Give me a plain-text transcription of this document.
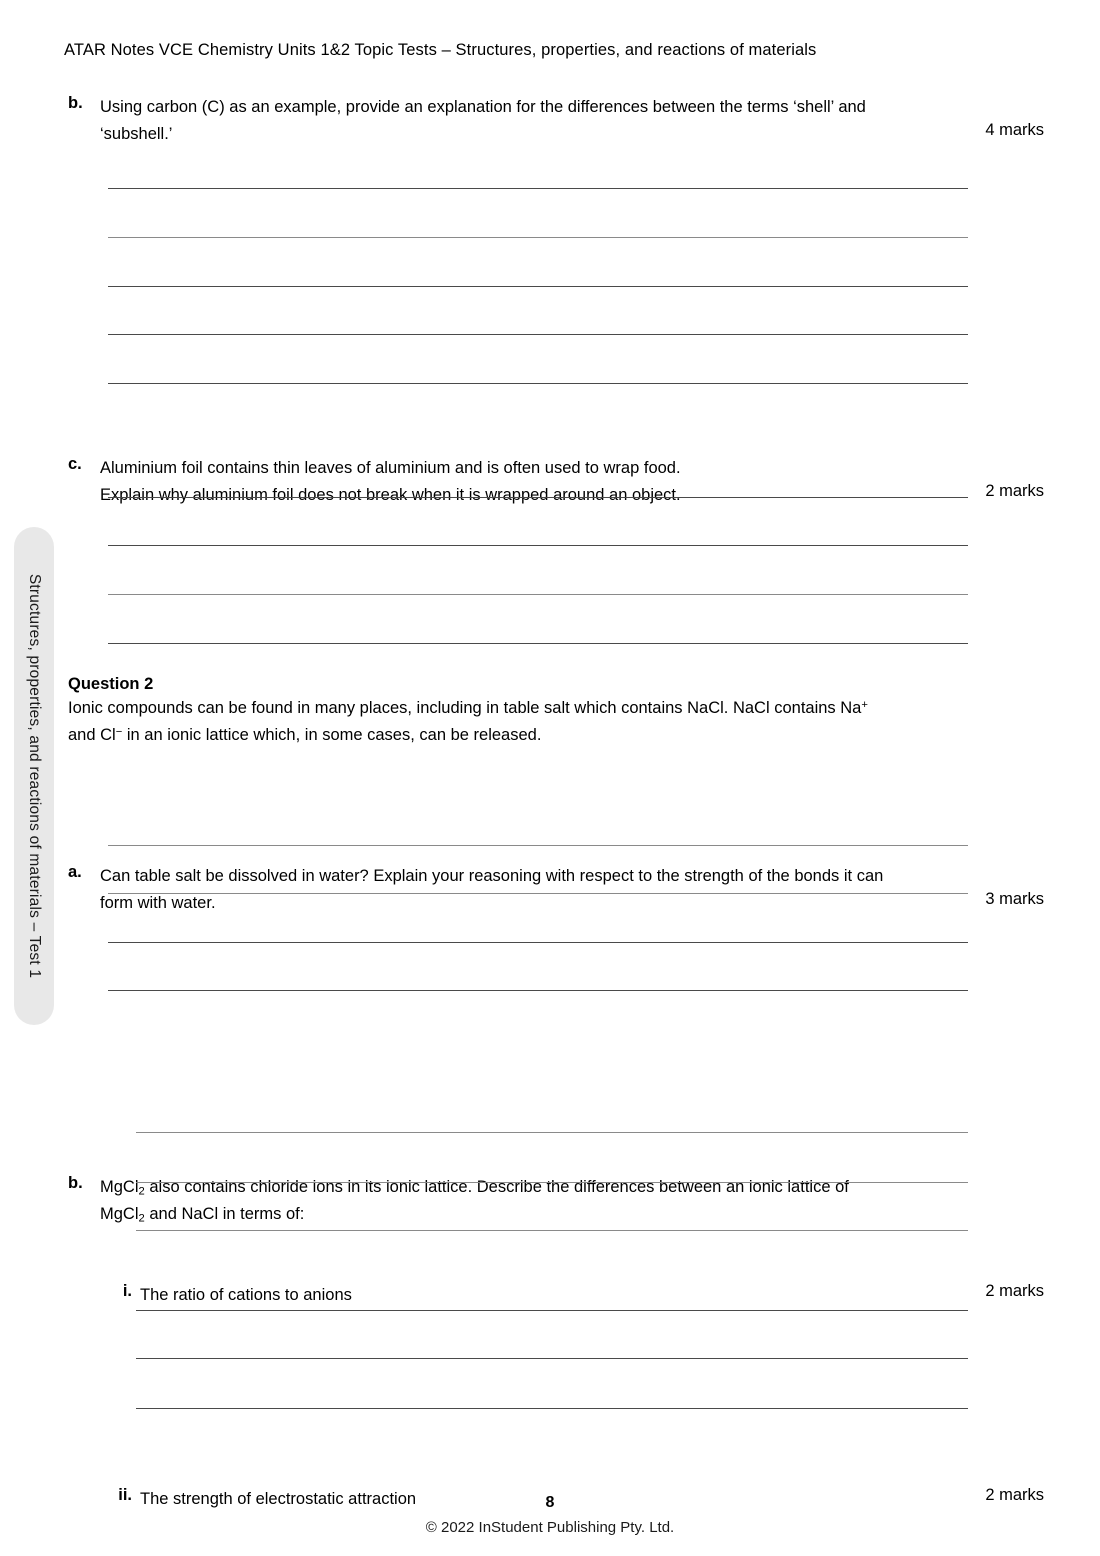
ATAR Notes VCE Chemistry Units 1&2 Topic Tests – Structures, properties, and reactions of materials
Structures, properties, and reactions of materials – Test 1
b.	Using carbon (C) as an example, provide an explanation for the differences between the terms ‘shell’ and
‘subshell.’	4 marks
c.	Aluminium foil contains thin leaves of aluminium and is often used to wrap food.
Explain why aluminium foil does not break when it is wrapped around an object.	2 marks
Question 2
Ionic compounds can be found in many places, including in table salt which contains NaCl. NaCl contains Na+
and Cl− in an ionic lattice which, in some cases, can be released.
a.	Can table salt be dissolved in water? Explain your reasoning with respect to the strength of the bonds it can
form with water.	3 marks
b.	MgCl$_2$ also contains chloride ions in its ionic lattice. Describe the differences between an ionic lattice of
MgCl$_2$ and NaCl in terms of:
i. The ratio of cations to anions	2 marks
ii. The strength of electrostatic attraction	2 marks
8
© 2022 InStudent Publishing Pty. Ltd.
